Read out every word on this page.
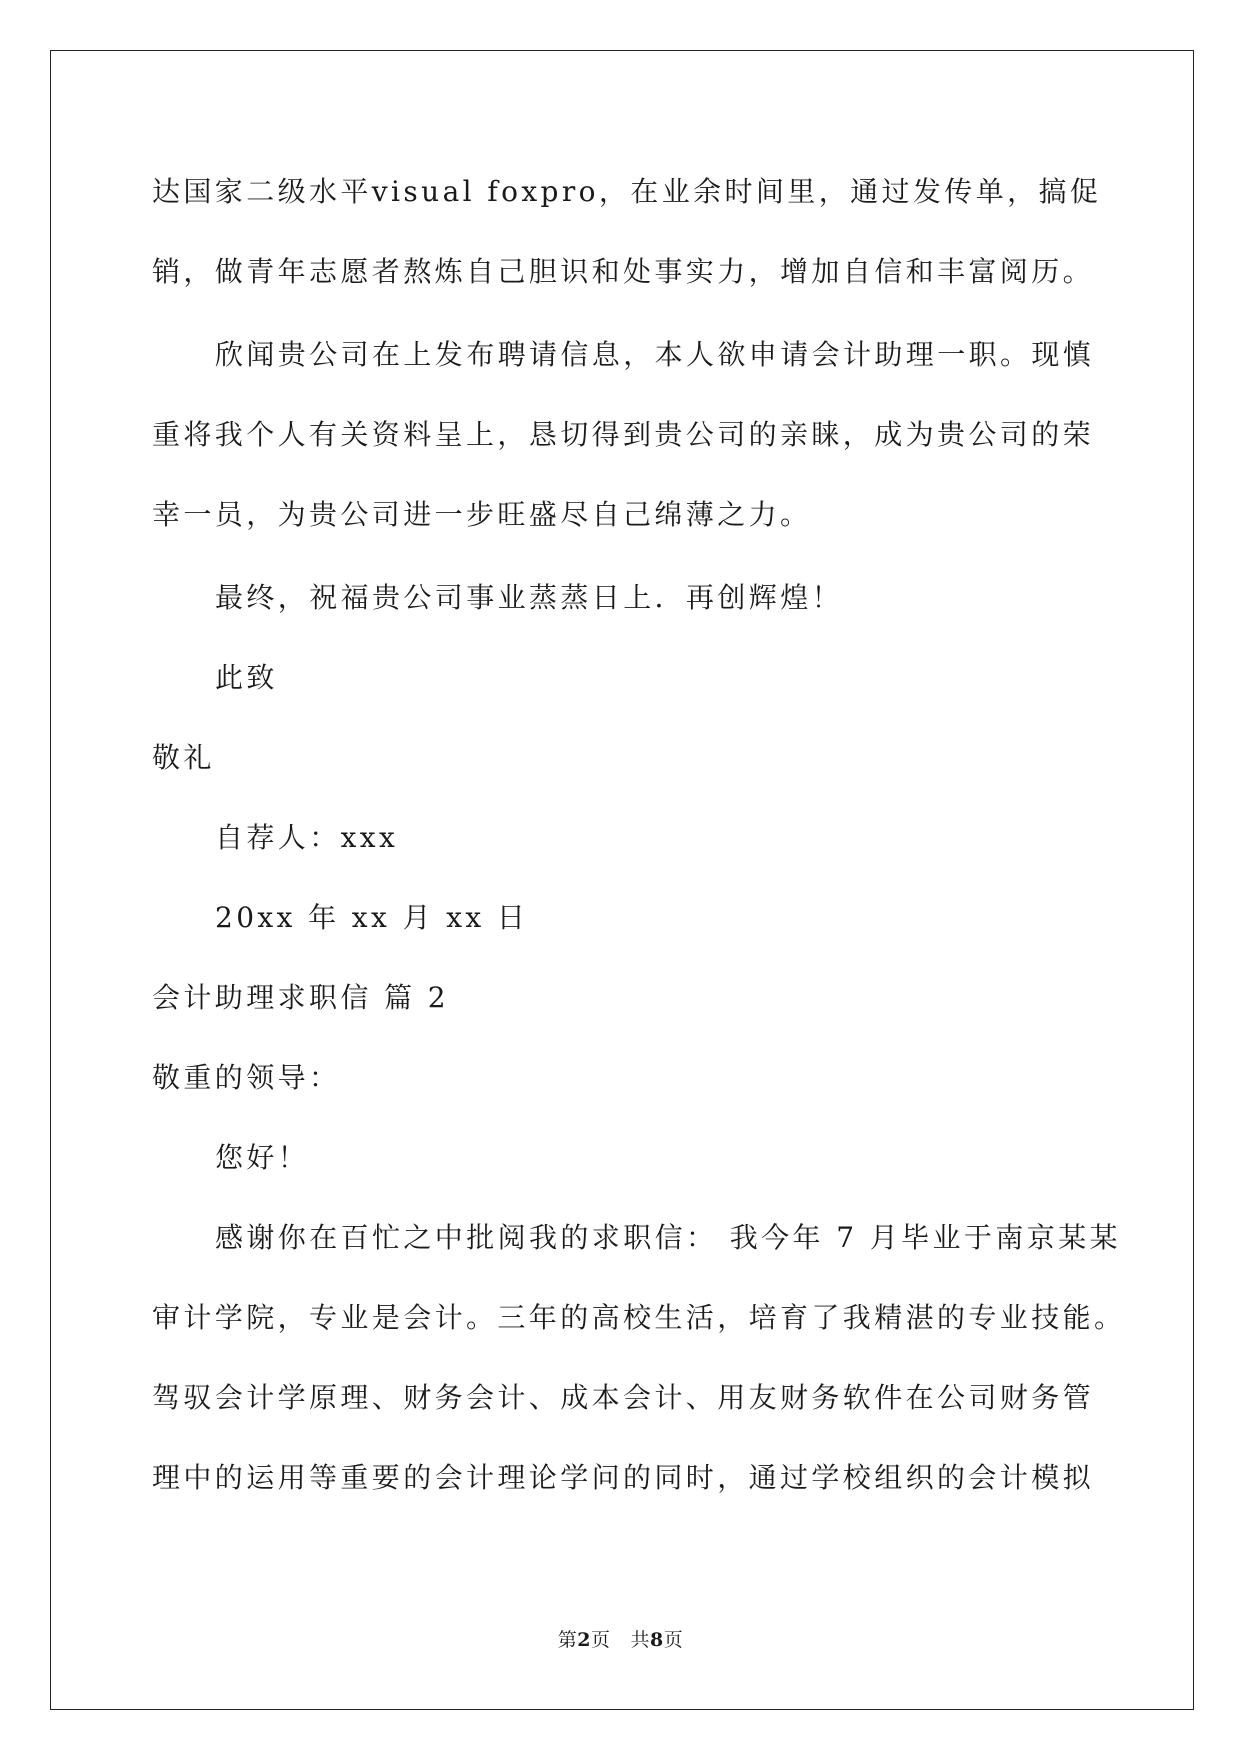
达国家二级水平visual foxpro，在业余时间里，通过发传单，搞促
销，做青年志愿者熬炼自己胆识和处事实力，增加自信和丰富阅历。
欣闻贵公司在上发布聘请信息，本人欲申请会计助理一职。现慎
重将我个人有关资料呈上，恳切得到贵公司的亲睐，成为贵公司的荣
幸一员，为贵公司进一步旺盛尽自己绵薄之力。
最终，祝福贵公司事业蒸蒸日上．再创辉煌！
此致
敬礼
自荐人：xxx
20xx 年 xx 月 xx 日
会计助理求职信 篇 2
敬重的领导：
您好！
感谢你在百忙之中批阅我的求职信： 我今年 7 月毕业于南京某某
审计学院，专业是会计。三年的高校生活，培育了我精湛的专业技能。
驾驭会计学原理、财务会计、成本会计、用友财务软件在公司财务管
理中的运用等重要的会计理论学问的同时，通过学校组织的会计模拟
第2页 共8页
